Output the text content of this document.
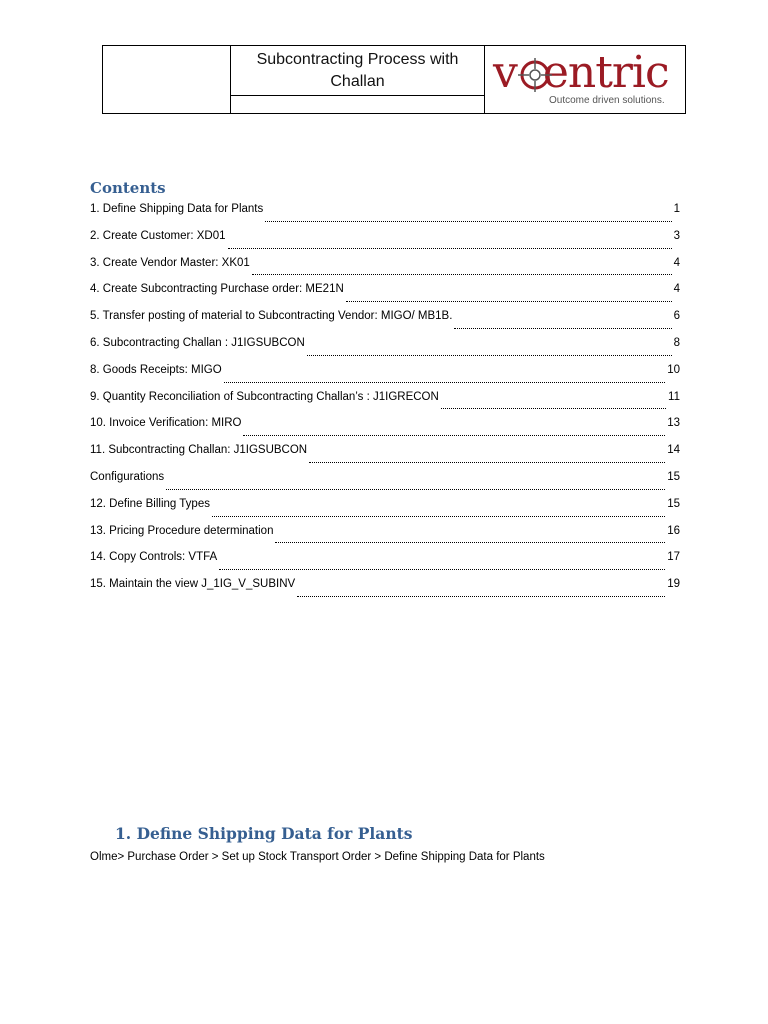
Subcontracting Process with
Challan	v  entric
Outcome driven solutions.
Contents
1. Define Shipping Data for Plants	1
2. Create Customer: XD01	3
3. Create Vendor Master: XK01	4
4. Create Subcontracting Purchase order: ME21N	4
5. Transfer posting of material to Subcontracting Vendor: MIGO/ MB1B.	6
6. Subcontracting Challan : J1IGSUBCON	8
8. Goods Receipts: MIGO	10
9. Quantity Reconciliation of Subcontracting Challan’s : J1IGRECON	11
10. Invoice Verification: MIRO	13
11. Subcontracting Challan: J1IGSUBCON	14
Configurations	15
12. Define Billing Types	15
13. Pricing Procedure determination	16
14. Copy Controls: VTFA	17
15. Maintain the view J_1IG_V_SUBINV	19
1. Define Shipping Data for Plants
Olme> Purchase Order > Set up Stock Transport Order > Define Shipping Data for Plants
